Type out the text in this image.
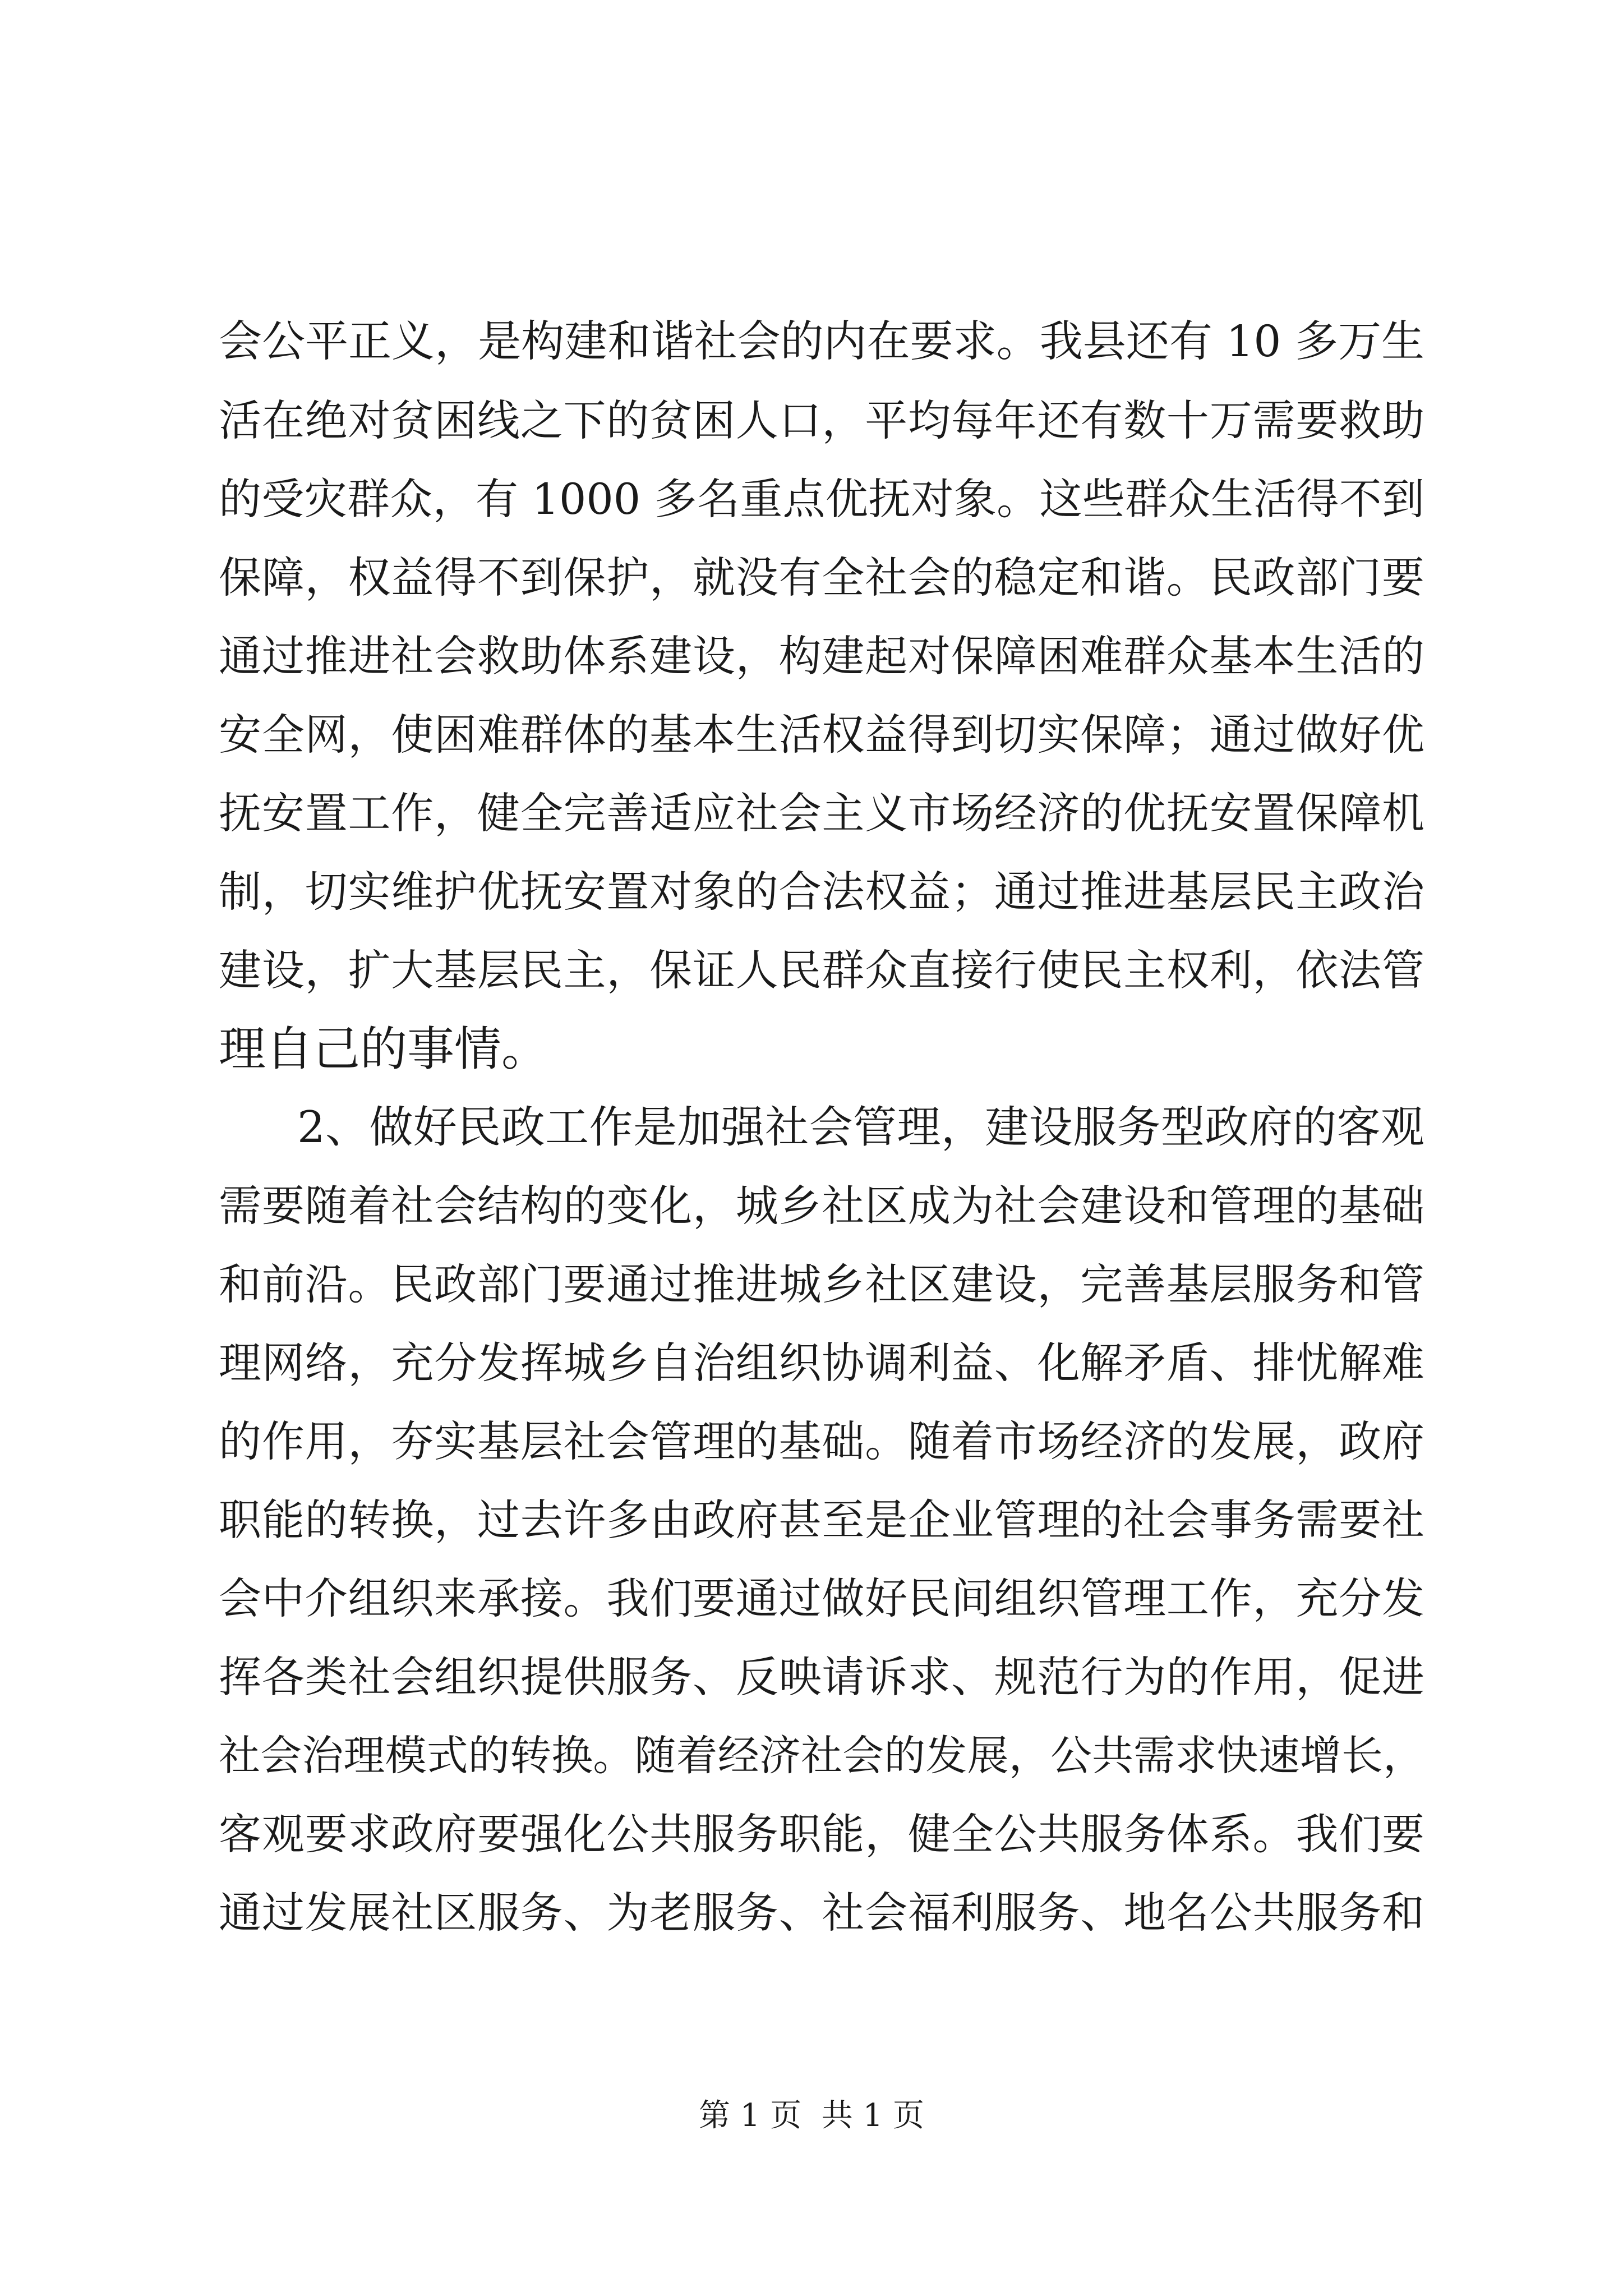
会公平正义，是构建和谐社会的内在要求。我县还有 10 多万生
活在绝对贫困线之下的贫困人口，平均每年还有数十万需要救助
的受灾群众，有 1000 多名重点优抚对象。这些群众生活得不到
保障，权益得不到保护，就没有全社会的稳定和谐。民政部门要
通过推进社会救助体系建设，构建起对保障困难群众基本生活的
安全网，使困难群体的基本生活权益得到切实保障；通过做好优
抚安置工作，健全完善适应社会主义市场经济的优抚安置保障机
制，切实维护优抚安置对象的合法权益；通过推进基层民主政治
建设，扩大基层民主，保证人民群众直接行使民主权利，依法管
理自己的事情。
2、做好民政工作是加强社会管理，建设服务型政府的客观
需要随着社会结构的变化，城乡社区成为社会建设和管理的基础
和前沿。民政部门要通过推进城乡社区建设，完善基层服务和管
理网络，充分发挥城乡自治组织协调利益、化解矛盾、排忧解难
的作用，夯实基层社会管理的基础。随着市场经济的发展，政府
职能的转换，过去许多由政府甚至是企业管理的社会事务需要社
会中介组织来承接。我们要通过做好民间组织管理工作，充分发
挥各类社会组织提供服务、反映请诉求、规范行为的作用，促进
社会治理模式的转换。随着经济社会的发展，公共需求快速增长，
客观要求政府要强化公共服务职能，健全公共服务体系。我们要
通过发展社区服务、为老服务、社会福利服务、地名公共服务和
第 1 页  共 1 页
